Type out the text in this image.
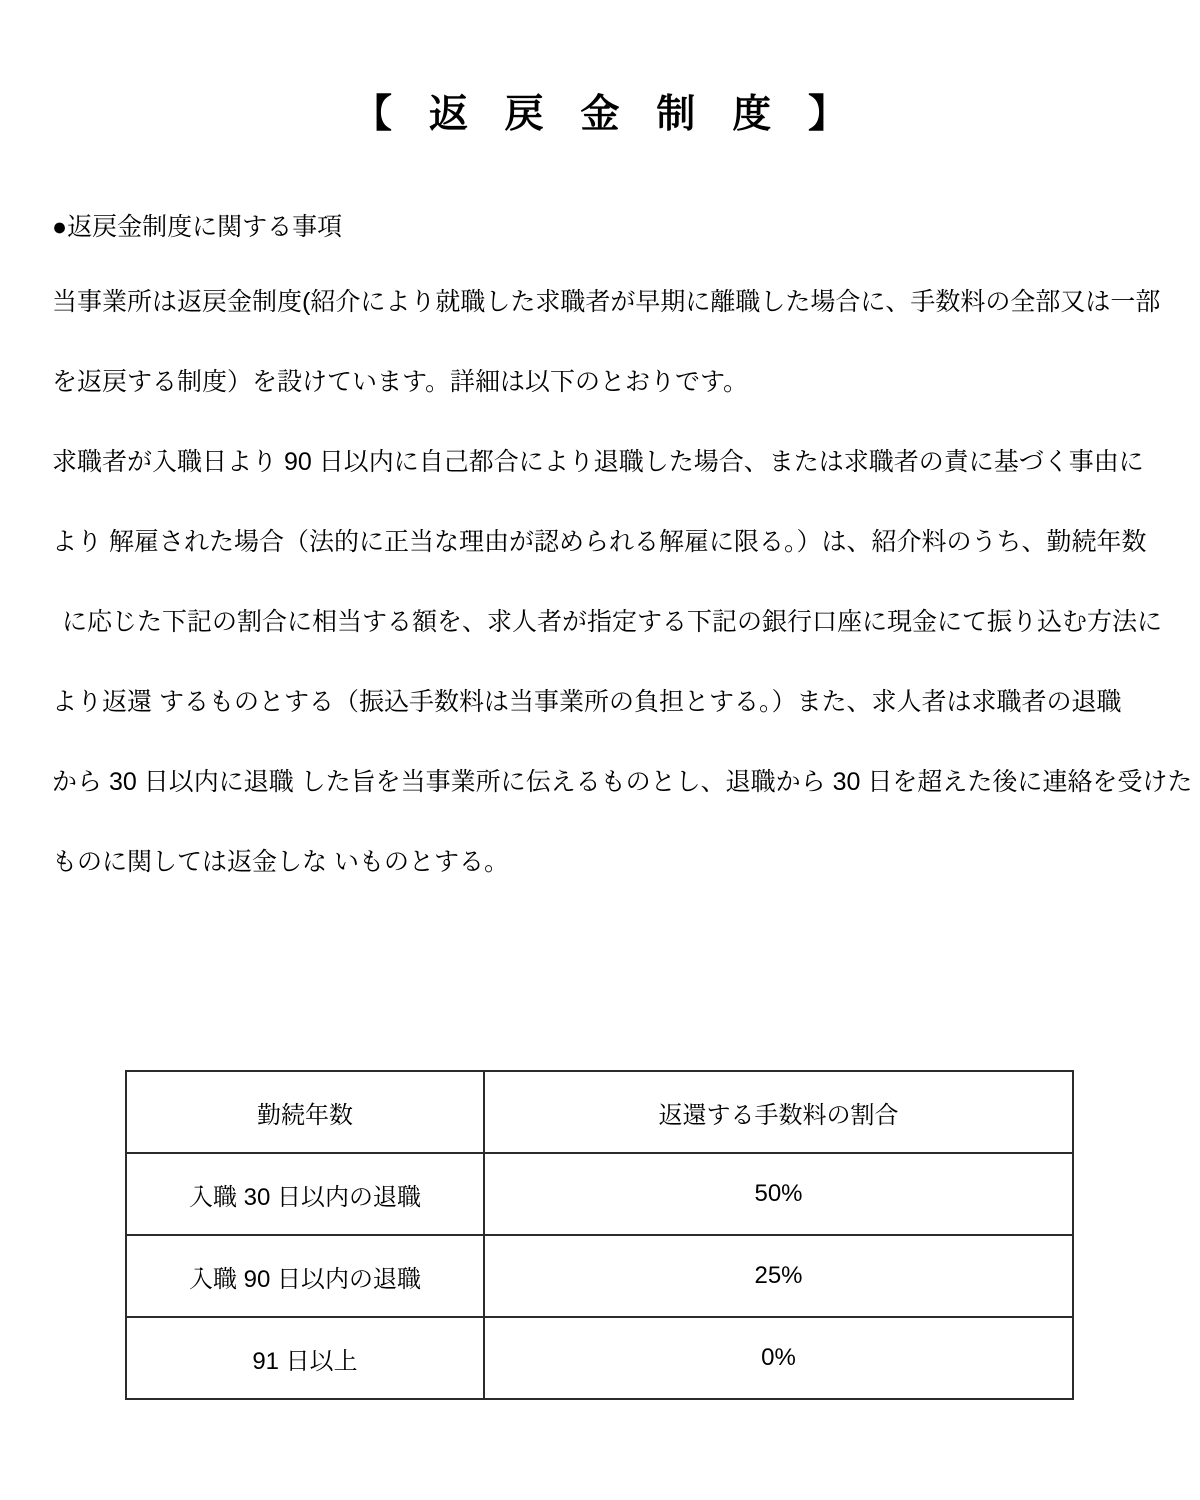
【 返 戻 金 制 度 】
●返戻金制度に関する事項
当事業所は返戻金制度(紹介により就職した求職者が早期に離職した場合に、手数料の全部又は一部
を返戻する制度）を設けています。詳細は以下のとおりです。
求職者が入職日より 90 日以内に自己都合により退職した場合、または求職者の責に基づく事由に
より 解雇された場合（法的に正当な理由が認められる解雇に限る。）は、紹介料のうち、勤続年数
に応じた下記の割合に相当する額を、求人者が指定する下記の銀行口座に現金にて振り込む方法に
より返還 するものとする（振込手数料は当事業所の負担とする。）また、求人者は求職者の退職
から 30 日以内に退職 した旨を当事業所に伝えるものとし、退職から 30 日を超えた後に連絡を受けた
ものに関しては返金しな いものとする。
勤続年数	返還する手数料の割合
入職 30 日以内の退職	50%
入職 90 日以内の退職	25%
91 日以上	0%
